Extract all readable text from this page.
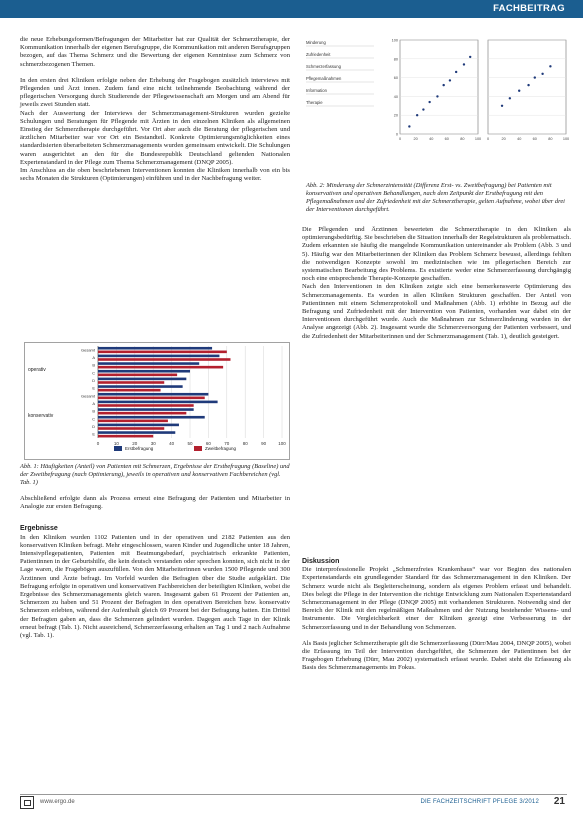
FACHBEITRAG

die neue Erhebungsformen/Befragungen der Mitarbeiter hat zur Qualität der Schmerztherapie, der Kommunikation innerhalb der eigenen Berufsgruppe, die Kommunikation mit anderen Berufsgruppen bezogen, auf das Thema Schmerz und die Bewertung der eigenen Kenntnisse zum Schmerz von schmerzbezogenen Themen.

In den ersten drei Kliniken erfolgte neben der Erhebung der Fragebogen zusätzlich interviews mit Pflegenden und Ärzt innen. Zudem fand eine nicht teilnehmende Beobachtung während der pflegerischen Versorgung durch Studierende der Pflegewissenschaft am Morgen und am Abend für jeweils zwei Stunden statt.

Nach der Auswertung der Interviews der Schmerzmanagement-Strukturen wurden gezielte Schulungen und Beratungen für Pflegende mit Ärzten in den einzelnen Kliniken als allgemeinen Einstieg der Schmerztherapie durchgeführt. Vor Ort aber auch die Beratung der pflegerischen und ärztlichen Mitarbeiter war vor Ort ein Bestandteil. Konkrete Optimierungsmöglichkeiten eines standardisierten überarbeiteten Schmerzmanagements wurden gemeinsam entwickelt. Die Schulungen waren ausgerichtet an den für die Bundesrepublik Deutschland geltenden Nationalen Expertenstandard in der Pflege zum Thema Schmerzmanagement (DNQP 2005).

Im Anschluss an die oben beschriebenen Interventionen konnten die Kliniken innerhalb von ein bis sechs Monaten die Strukturen (Optimierungen) einführen und in der Nachbefragung weiter.

0	10	20	30	40	50	60	70	80	90	100
Gesamt
A
B
C
D
E
Gesamt
A
B
C
D
E
operativ
konservativ
Erstbefragung	Zweitbefragung
Abb. 1: Häufigkeiten (Anteil) von Patienten mit Schmerzen, Ergebnisse der Erstbefragung (Baseline) und der Zweitbefragung (nach Optimierung), jeweils in operativen und konservativen Fachbereichen (vgl. Tab. 1)

Abschließend erfolgte dann als Prozess erneut eine Befragung der Patienten und Mitarbeiter in Analogie zur ersten Befragung.

Ergebnisse

In den Kliniken wurden 1102 Patienten und in der operativen und 2182 Patienten aus den konservativen Kliniken befragt. Mehr eingeschlossen, waren Kinder und Jugendliche unter 18 Jahren, Intensivpflegepatienten, Patienten mit Beatmungsbedarf, psychiatrisch erkrankte Patienten, Patientinnen in der Geburtshilfe, die kein deutsch verstanden oder sprechen konnten, sich nicht in der Lage waren, die Fragebögen auszufüllen. Von den Mitarbeiterinnen wurden 1500 Pflegende und 300 Ärztinnen und Ärzte befragt. Im Vorfeld wurden die Befragten über die Studie aufgeklärt. Die Befragung erfolgte in operativen und konservativen Fachbereichen der beteiligten Kliniken, wobei die Ergebnisse des Schmerzmanagements gleich waren. Insgesamt gaben 61 Prozent der Patienten an, Schmerzen zu haben und 51 Prozent der Befragten in den operativen Bereichen bzw. konservativ Schmerzen erlebten, während der Aufenthalt gleich 69 Prozent bei der Befragung hatten. Ein Drittel der Befragten gaben an, dass die Schmerzen gelindert wurden. Dagegen auch Tage in der Klinik erneut befragt (Tab. 1). Nicht ausreichend, Schmerzerfassung erhalten an Tag 1 und 2 nach Aufnahme (vgl. Tab. 1).

Minderung
Zufriedenheit
Schmerzerfassung
Pflegemaßnahmen
Information
Therapie
0
20
40
60
80
100
0	20	40	60	80	100 0	20	40	60	80	100
Abb. 2: Minderung der Schmerzintensität (Differenz Erst- vs. Zweitbefragung) bei Patienten mit konservativen und operativen Behandlungen, nach dem Zeitpunkt der Erstbefragung mit den Pflegemaßnahmen und der Zufriedenheit mit der Schmerztherapie, gelten Aufnahme, wobei über drei der Interventionen durchgeführt.

Die Pflegenden und Ärztinnen bewerteten die Schmerztherapie in den Kliniken als optimierungsbedürftig. Sie beschrieben die Situation innerhalb der Regelstrukturen als problematisch. Zudem erkannten sie häufig die mangelnde Kommunikation untereinander als Problem (Abb. 3 und 5). Häufig war den Mitarbeiterinnen der Kliniken das Problem Schmerz bewusst, allerdings fehlten die notwendigen Konzepte sowohl im medizinischen wie im pflegerischen Bereich zur systematischen Bearbeitung des Problems. Es existierte weder eine Schmerzerfassung durchgängig noch eine entsprechende Therapie-Konzepte geschaffen.

Nach den Interventionen in den Kliniken zeigte sich eine bemerkenswerte Optimierung des Schmerzmanagements. Es wurden in allen Kliniken Strukturen geschaffen. Der Anteil von Patientinnen mit einem Schmerzprotokoll und Maßnahmen (Abb. 1) erhöhte in Bezug auf die Befragung und Zufriedenheit mit der Intervention von Patienten, vorhanden war dabei ein der Interventionen durchgeführt wurde. Auch die Maßnahmen zur Schmerzlinderung wurden in der Analyse angezeigt (Abb. 2). Insgesamt wurde die Schmerzversorgung der Patienten verbessert, und die Zufriedenheit der Mitarbeiterinnen und der Schmerzmanagement (Tab. 1), deutlich gesteigert.

Diskussion

Die interprofessionelle Projekt „Schmerzfreies Krankenhaus“ war vor Beginn des nationalen Expertenstandards ein grundlegender Standard für das Schmerzmanagement in den Kliniken. Der Schmerz wurde nicht als Begleiterscheinung, sondern als eigenes Problem erfasst und behandelt. Dies belegt die Pflege in der Intervention die richtige Entwicklung zum Nationalen Expertenstandard Schmerzmanagement in der Pflege (DNQP 2005) mit vorhandenen Strukturen. Notwendig sind der Bereich der Klinik mit den regelmäßigen Maßnahmen und der Nutzung bestehender Wissens- und Instrumente. Die Vergleichbarkeit einer der Kliniken gezeigt eine Verbesserung in der Schmerzerfassung und in der Behandlung von Schmerzen.

Als Basis jeglicher Schmerztherapie gilt die Schmerzerfassung (Dürr/Mau 2004, DNQP 2005), wobei die Erfassung im Teil der Intervention durchgeführt, die Schmerzen der Patientinnen bei der Fragebogen Erhebung (Dürr, Mau 2002) systematisch erfasst wurde. Dabei steht die Erfassung als Basis des Schmerzmanagements im Fokus.

www.ergo.de	DIE FACHZEITSCHRIFT PFLEGE 3/2012 21
